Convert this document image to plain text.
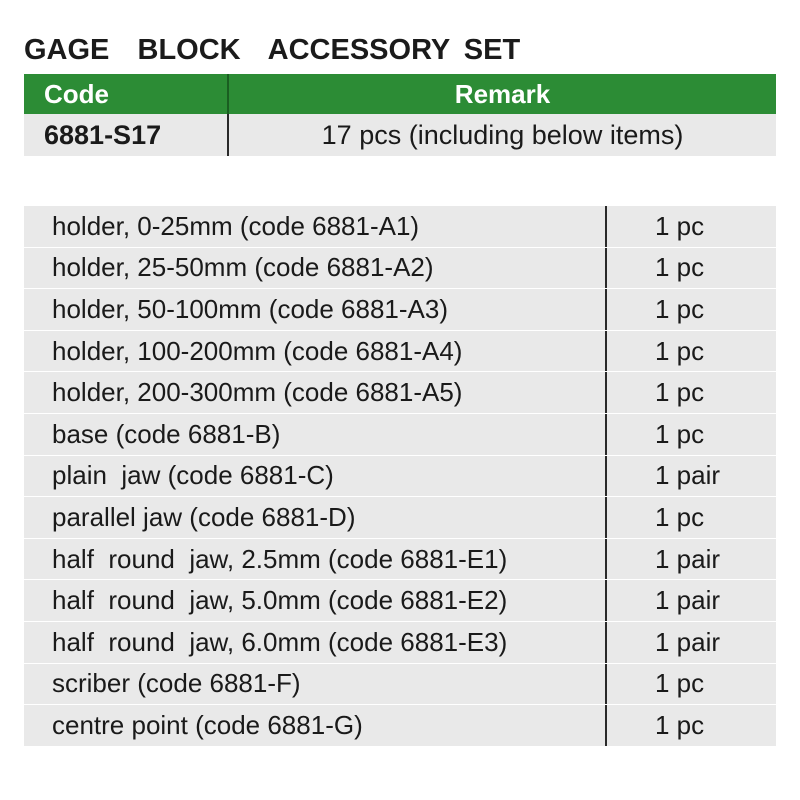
GAGE  BLOCK  ACCESSORY SET
Code	Remark
6881-S17	17 pcs (including below items)
holder, 0-25mm (code 6881-A1)	1 pc
holder, 25-50mm (code 6881-A2)	1 pc
holder, 50-100mm (code 6881-A3)	1 pc
holder, 100-200mm (code 6881-A4)	1 pc
holder, 200-300mm (code 6881-A5)	1 pc
base (code 6881-B)	1 pc
plain  jaw (code 6881-C)	1 pair
parallel jaw (code 6881-D)	1 pc
half  round  jaw, 2.5mm (code 6881-E1)	1 pair
half  round  jaw, 5.0mm (code 6881-E2)	1 pair
half  round  jaw, 6.0mm (code 6881-E3)	1 pair
scriber (code 6881-F)	1 pc
centre point (code 6881-G)	1 pc
